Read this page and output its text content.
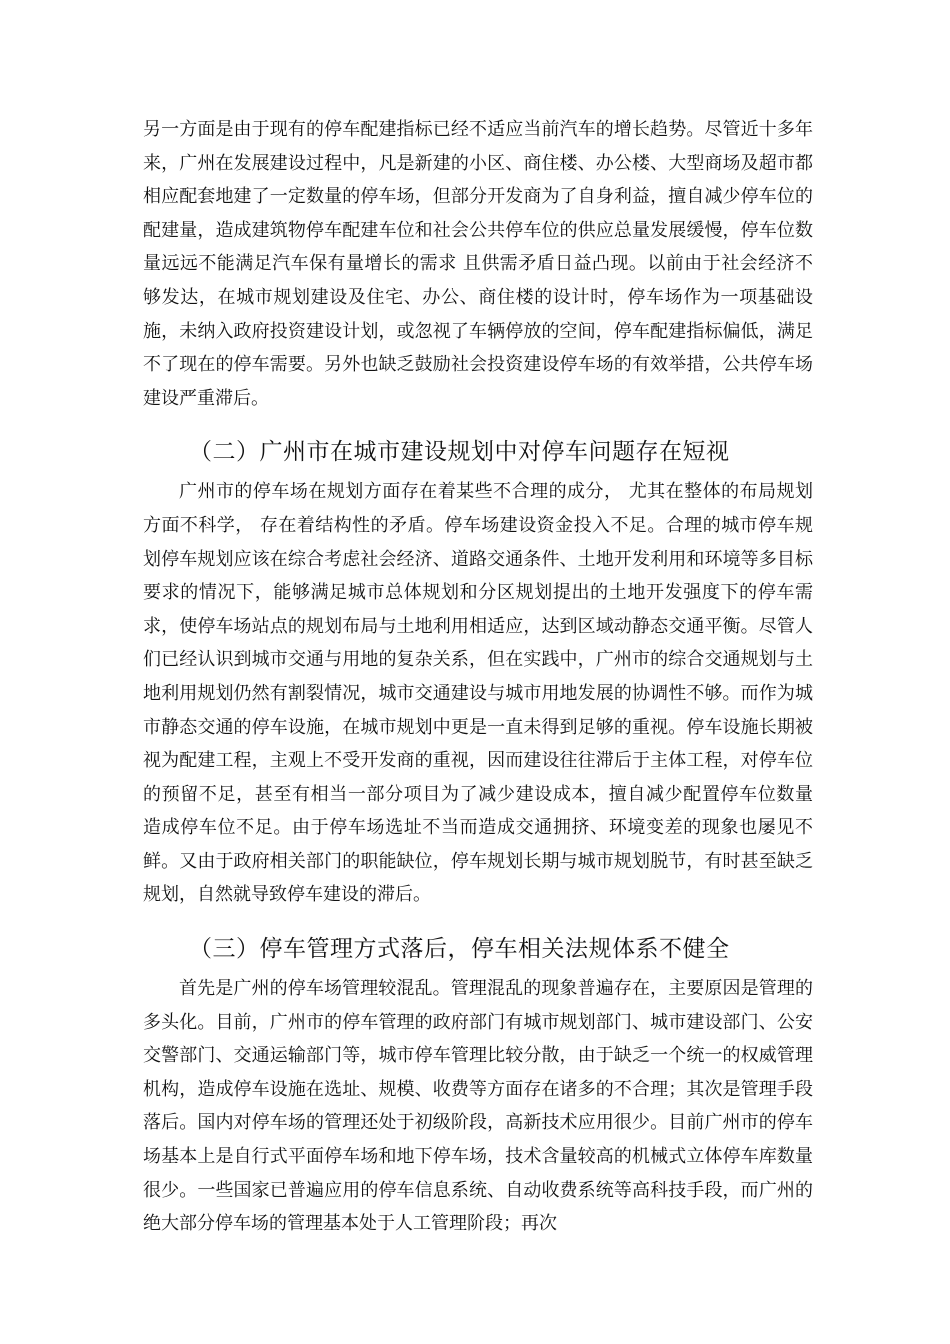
另一方面是由于现有的停车配建指标已经不适应当前汽车的增长趋势。尽管近十多年来，广州在发展建设过程中，凡是新建的小区、商住楼、办公楼、大型商场及超市都相应配套地建了一定数量的停车场，但部分开发商为了自身利益，擅自减少停车位的配建量，造成建筑物停车配建车位和社会公共停车位的供应总量发展缓慢，停车位数量远远不能满足汽车保有量增长的需求 且供需矛盾日益凸现。以前由于社会经济不够发达，在城市规划建设及住宅、办公、商住楼的设计时，停车场作为一项基础设施，未纳入政府投资建设计划，或忽视了车辆停放的空间，停车配建指标偏低，满足不了现在的停车需要。另外也缺乏鼓励社会投资建设停车场的有效举措，公共停车场建设严重滞后。

（二）广州市在城市建设规划中对停车问题存在短视

广州市的停车场在规划方面存在着某些不合理的成分， 尤其在整体的布局规划方面不科学， 存在着结构性的矛盾。停车场建设资金投入不足。合理的城市停车规划停车规划应该在综合考虑社会经济、道路交通条件、土地开发利用和环境等多目标要求的情况下，能够满足城市总体规划和分区规划提出的土地开发强度下的停车需求，使停车场站点的规划布局与土地利用相适应，达到区域动静态交通平衡。尽管人们已经认识到城市交通与用地的复杂关系，但在实践中，广州市的综合交通规划与土地利用规划仍然有割裂情况，城市交通建设与城市用地发展的协调性不够。而作为城市静态交通的停车设施，在城市规划中更是一直未得到足够的重视。停车设施长期被视为配建工程，主观上不受开发商的重视，因而建设往往滞后于主体工程，对停车位的预留不足，甚至有相当一部分项目为了减少建设成本，擅自减少配置停车位数量 造成停车位不足。由于停车场选址不当而造成交通拥挤、环境变差的现象也屡见不鲜。又由于政府相关部门的职能缺位，停车规划长期与城市规划脱节，有时甚至缺乏规划，自然就导致停车建设的滞后。

（三）停车管理方式落后，停车相关法规体系不健全

首先是广州的停车场管理较混乱。管理混乱的现象普遍存在，主要原因是管理的多头化。目前，广州市的停车管理的政府部门有城市规划部门、城市建设部门、公安交警部门、交通运输部门等，城市停车管理比较分散，由于缺乏一个统一的权威管理机构，造成停车设施在选址、规模、收费等方面存在诸多的不合理；其次是管理手段落后。国内对停车场的管理还处于初级阶段，高新技术应用很少。目前广州市的停车场基本上是自行式平面停车场和地下停车场，技术含量较高的机械式立体停车库数量很少。一些国家已普遍应用的停车信息系统、自动收费系统等高科技手段，而广州的绝大部分停车场的管理基本处于人工管理阶段；再次
